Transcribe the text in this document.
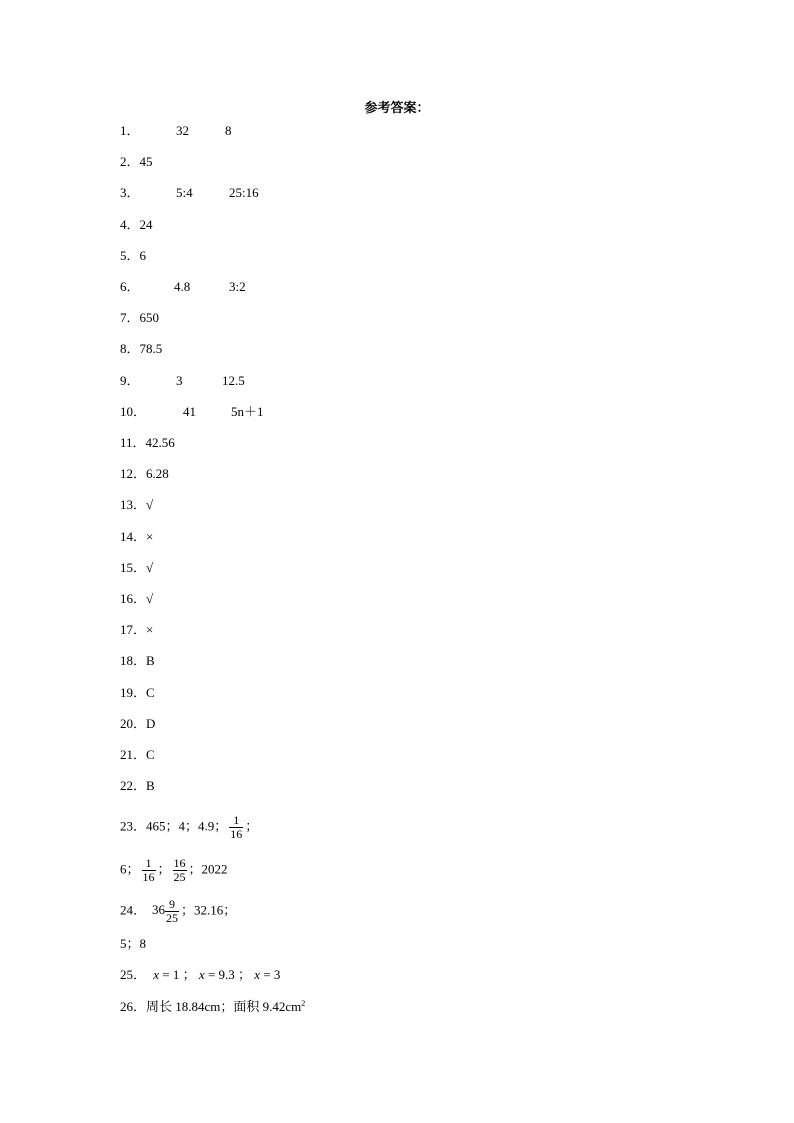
参考答案：
1．	32	8
2．45
3．	5:4	25:16
4．24
5．6
6．	4.8	3:2
7．650
8．78.5
9．	3	12.5
10．	41	5n＋1
11．42.56
12．6.28
13．√
14．×
15．√
16．√
17．×
18．B
19．C
20．D
21．C
22．B
23．465；4；4.9； $\frac{1}{16}$ ；
6； $\frac{1}{16}$ ； $\frac{16}{25}$ ；2022
24． $36 \frac{9}{25}$ ；32.16；
5；8
25． x = 1 ； x = 9.3 ； x = 3
26．周长 18.84cm；面积 $9.42cm^2$
